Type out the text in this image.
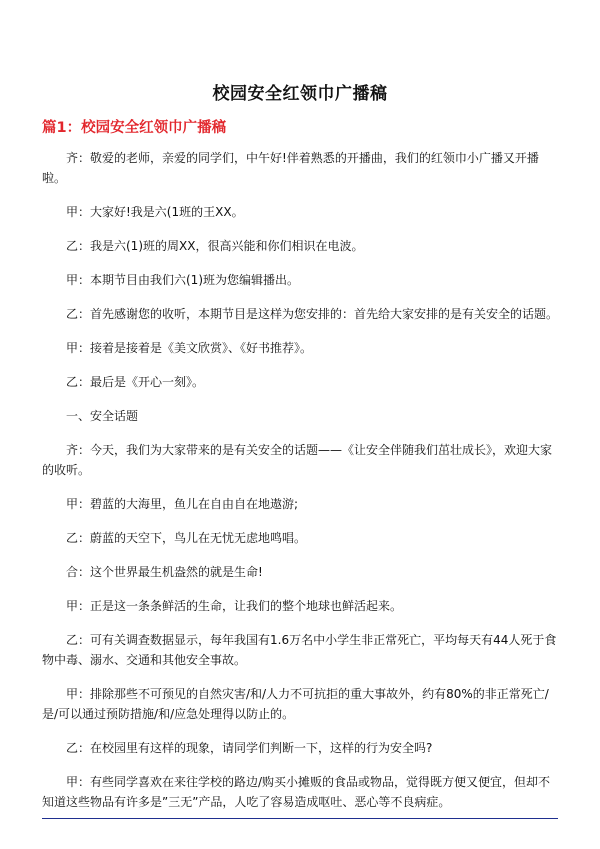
校园安全红领巾广播稿
篇1：校园安全红领巾广播稿

齐：敬爱的老师，亲爱的同学们，中午好!伴着熟悉的开播曲，我们的红领巾小广播又开播啦。

甲：大家好!我是六(1班的王XX。

乙：我是六(1)班的周XX，很高兴能和你们相识在电波。

甲：本期节目由我们六(1)班为您编辑播出。

乙：首先感谢您的收听，本期节目是这样为您安排的：首先给大家安排的是有关安全的话题。

甲：接着是接着是《美文欣赏》、《好书推荐》。

乙：最后是《开心一刻》。

一、安全话题

齐：今天，我们为大家带来的是有关安全的话题——《让安全伴随我们茁壮成长》，欢迎大家的收听。

甲：碧蓝的大海里，鱼儿在自由自在地遨游;

乙：蔚蓝的天空下，鸟儿在无忧无虑地鸣唱。

合：这个世界最生机盎然的就是生命!

甲：正是这一条条鲜活的生命，让我们的整个地球也鲜活起来。

乙：可有关调查数据显示，每年我国有1.6万名中小学生非正常死亡，平均每天有44人死于食物中毒、溺水、交通和其他安全事故。

甲：排除那些不可预见的自然灾害/和/人力不可抗拒的重大事故外，约有80%的非正常死亡/是/可以通过预防措施/和/应急处理得以防止的。

乙：在校园里有这样的现象，请同学们判断一下，这样的行为安全吗?

甲：有些同学喜欢在来往学校的路边/购买小摊贩的食品或物品，觉得既方便又便宜，但却不知道这些物品有许多是”三无”产品，人吃了容易造成呕吐、恶心等不良病症。
